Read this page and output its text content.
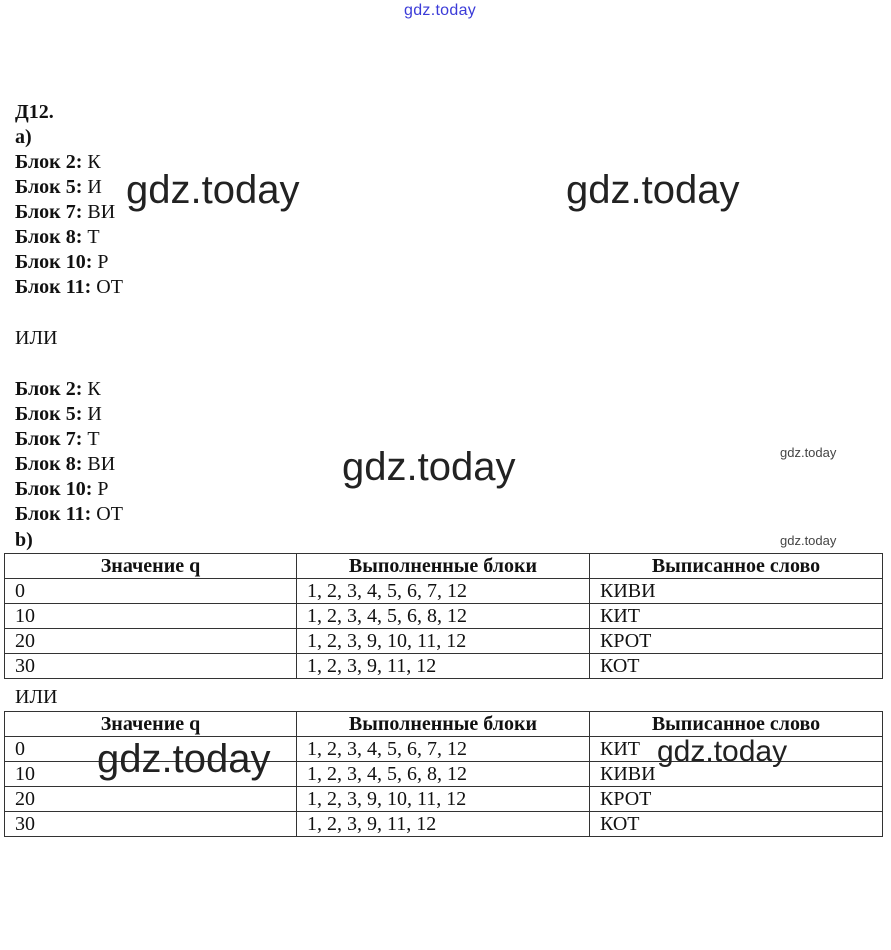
gdz.today
Д12.
а)
Блок 2: К
Блок 5: И
Блок 7: ВИ
Блок 8: Т
Блок 10: Р
Блок 11: ОТ
ИЛИ
Блок 2: К
Блок 5: И
Блок 7: Т
Блок 8: ВИ
Блок 10: Р
Блок 11: ОТ
b)
Значение q	Выполненные блоки	Выписанное слово
0	1, 2, 3, 4, 5, 6, 7, 12	КИВИ
10	1, 2, 3, 4, 5, 6, 8, 12	КИТ
20	1, 2, 3, 9, 10, 11, 12	КРОТ
30	1, 2, 3, 9, 11, 12	КОТ
ИЛИ
Значение q	Выполненные блоки	Выписанное слово
0	1, 2, 3, 4, 5, 6, 7, 12	КИТ
10	1, 2, 3, 4, 5, 6, 8, 12	КИВИ
20	1, 2, 3, 9, 10, 11, 12	КРОТ
30	1, 2, 3, 9, 11, 12	КОТ
gdz.today	gdz.today
gdz.today	gdz.today
gdz.today
gdz.today	gdz.today
